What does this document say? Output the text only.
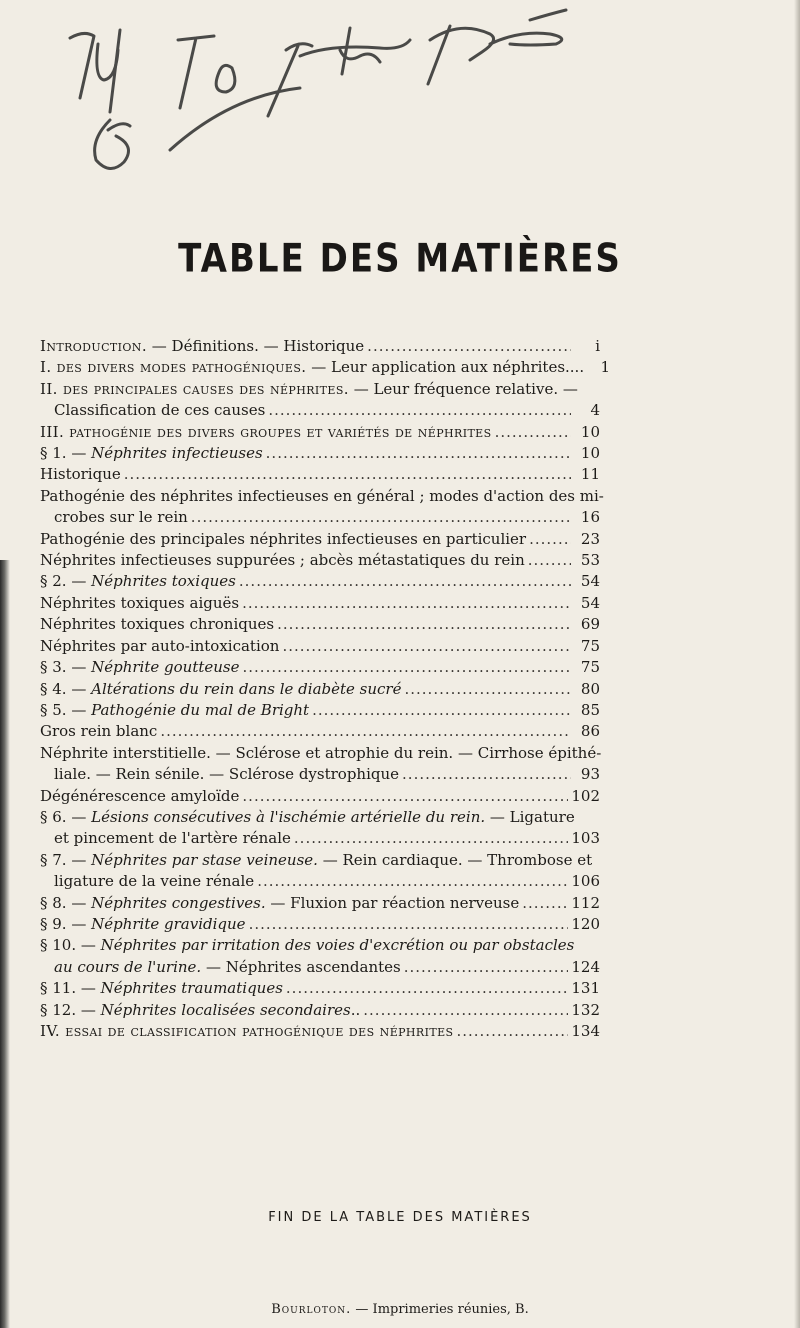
TABLE DES MATIÈRES
Introduction. — Définitions. — Historique .....	i
I. des divers modes pathogéniques. — Leur application aux néphrites....	1
II. des principales causes des néphrites. — Leur fréquence relative. —
Classification de ces causes .....	4
III. pathogénie des divers groupes et variétés de néphrites .....	10
§ 1. — Néphrites infectieuses .....	10
Historique .....	11
Pathogénie des néphrites infectieuses en général ; modes d'action des mi-
crobes sur le rein .....	16
Pathogénie des principales néphrites infectieuses en particulier .....	23
Néphrites infectieuses suppurées ; abcès métastatiques du rein .....	53
§ 2. — Néphrites toxiques .....	54
Néphrites toxiques aiguës .....	54
Néphrites toxiques chroniques .....	69
Néphrites par auto-intoxication .....	75
§ 3. — Néphrite goutteuse .....	75
§ 4. — Altérations du rein dans le diabète sucré .....	80
§ 5. — Pathogénie du mal de Bright .....	85
Gros rein blanc .....	86
Néphrite interstitielle. — Sclérose et atrophie du rein. — Cirrhose épithé-
liale. — Rein sénile. — Sclérose dystrophique .....	93
Dégénérescence amyloïde .....	102
§ 6. — Lésions consécutives à l'ischémie artérielle du rein. — Ligature
et pincement de l'artère rénale .....	103
§ 7. — Néphrites par stase veineuse. — Rein cardiaque. — Thrombose et
ligature de la veine rénale .....	106
§ 8. — Néphrites congestives. — Fluxion par réaction nerveuse .....	112
§ 9. — Néphrite gravidique .....	120
§ 10. — Néphrites par irritation des voies d'excrétion ou par obstacles
au cours de l'urine. — Néphrites ascendantes .....	124
§ 11. — Néphrites traumatiques .....	131
§ 12. — Néphrites localisées secondaires.. .....	132
IV. essai de classification pathogénique des néphrites .....	134
FIN DE LA TABLE DES MATIÈRES
Bourloton. — Imprimeries réunies, B.
